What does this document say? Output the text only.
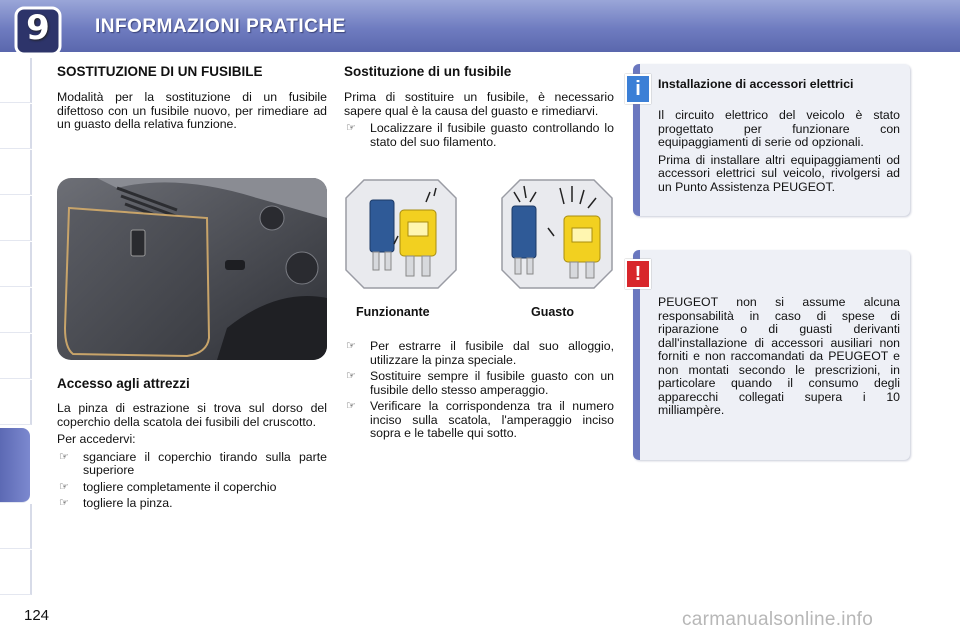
9	INFORMAZIONI PRATICHE
SOSTITUZIONE DI UN FUSIBILE
Modalità per la sostituzione di un fusibile difettoso con un fusibile nuovo, per rimediare ad un guasto della relativa funzione.
Accesso agli attrezzi

La pinza di estrazione si trova sul dorso del coperchio della scatola dei fusibili del cruscotto.

Per accedervi:

☞ sganciare il coperchio tirando sulla parte superiore
☞ togliere completamente il coperchio
☞ togliere la pinza.
Sostituzione di un fusibile

Prima di sostituire un fusibile, è necessario sapere qual è la causa del guasto e rimediarvi.

☞ Localizzare il fusibile guasto controllando lo stato del suo filamento.
Funzionante	Guasto
☞ Per estrarre il fusibile dal suo alloggio, utilizzare la pinza speciale.
☞ Sostituire sempre il fusibile guasto con un fusibile dello stesso amperaggio.
☞ Verificare la corrispondenza tra il numero inciso sulla scatola, l'amperaggio inciso sopra e le tabelle qui sotto.
Installazione di accessori elettrici

Il circuito elettrico del veicolo è stato progettato per funzionare con equipaggiamenti di serie od opzionali.

Prima di installare altri equipaggiamenti od accessori elettrici sul veicolo, rivolgersi ad un Punto Assistenza PEUGEOT.

i
PEUGEOT non si assume alcuna responsabilità in caso di spese di riparazione o di guasti derivanti dall'installazione di accessori ausiliari non forniti e non raccomandati da PEUGEOT e non montati secondo le prescrizioni, in particolare quando il consumo degli apparecchi collegati supera i 10 milliampère.
!
124	carmanualsonline.info
